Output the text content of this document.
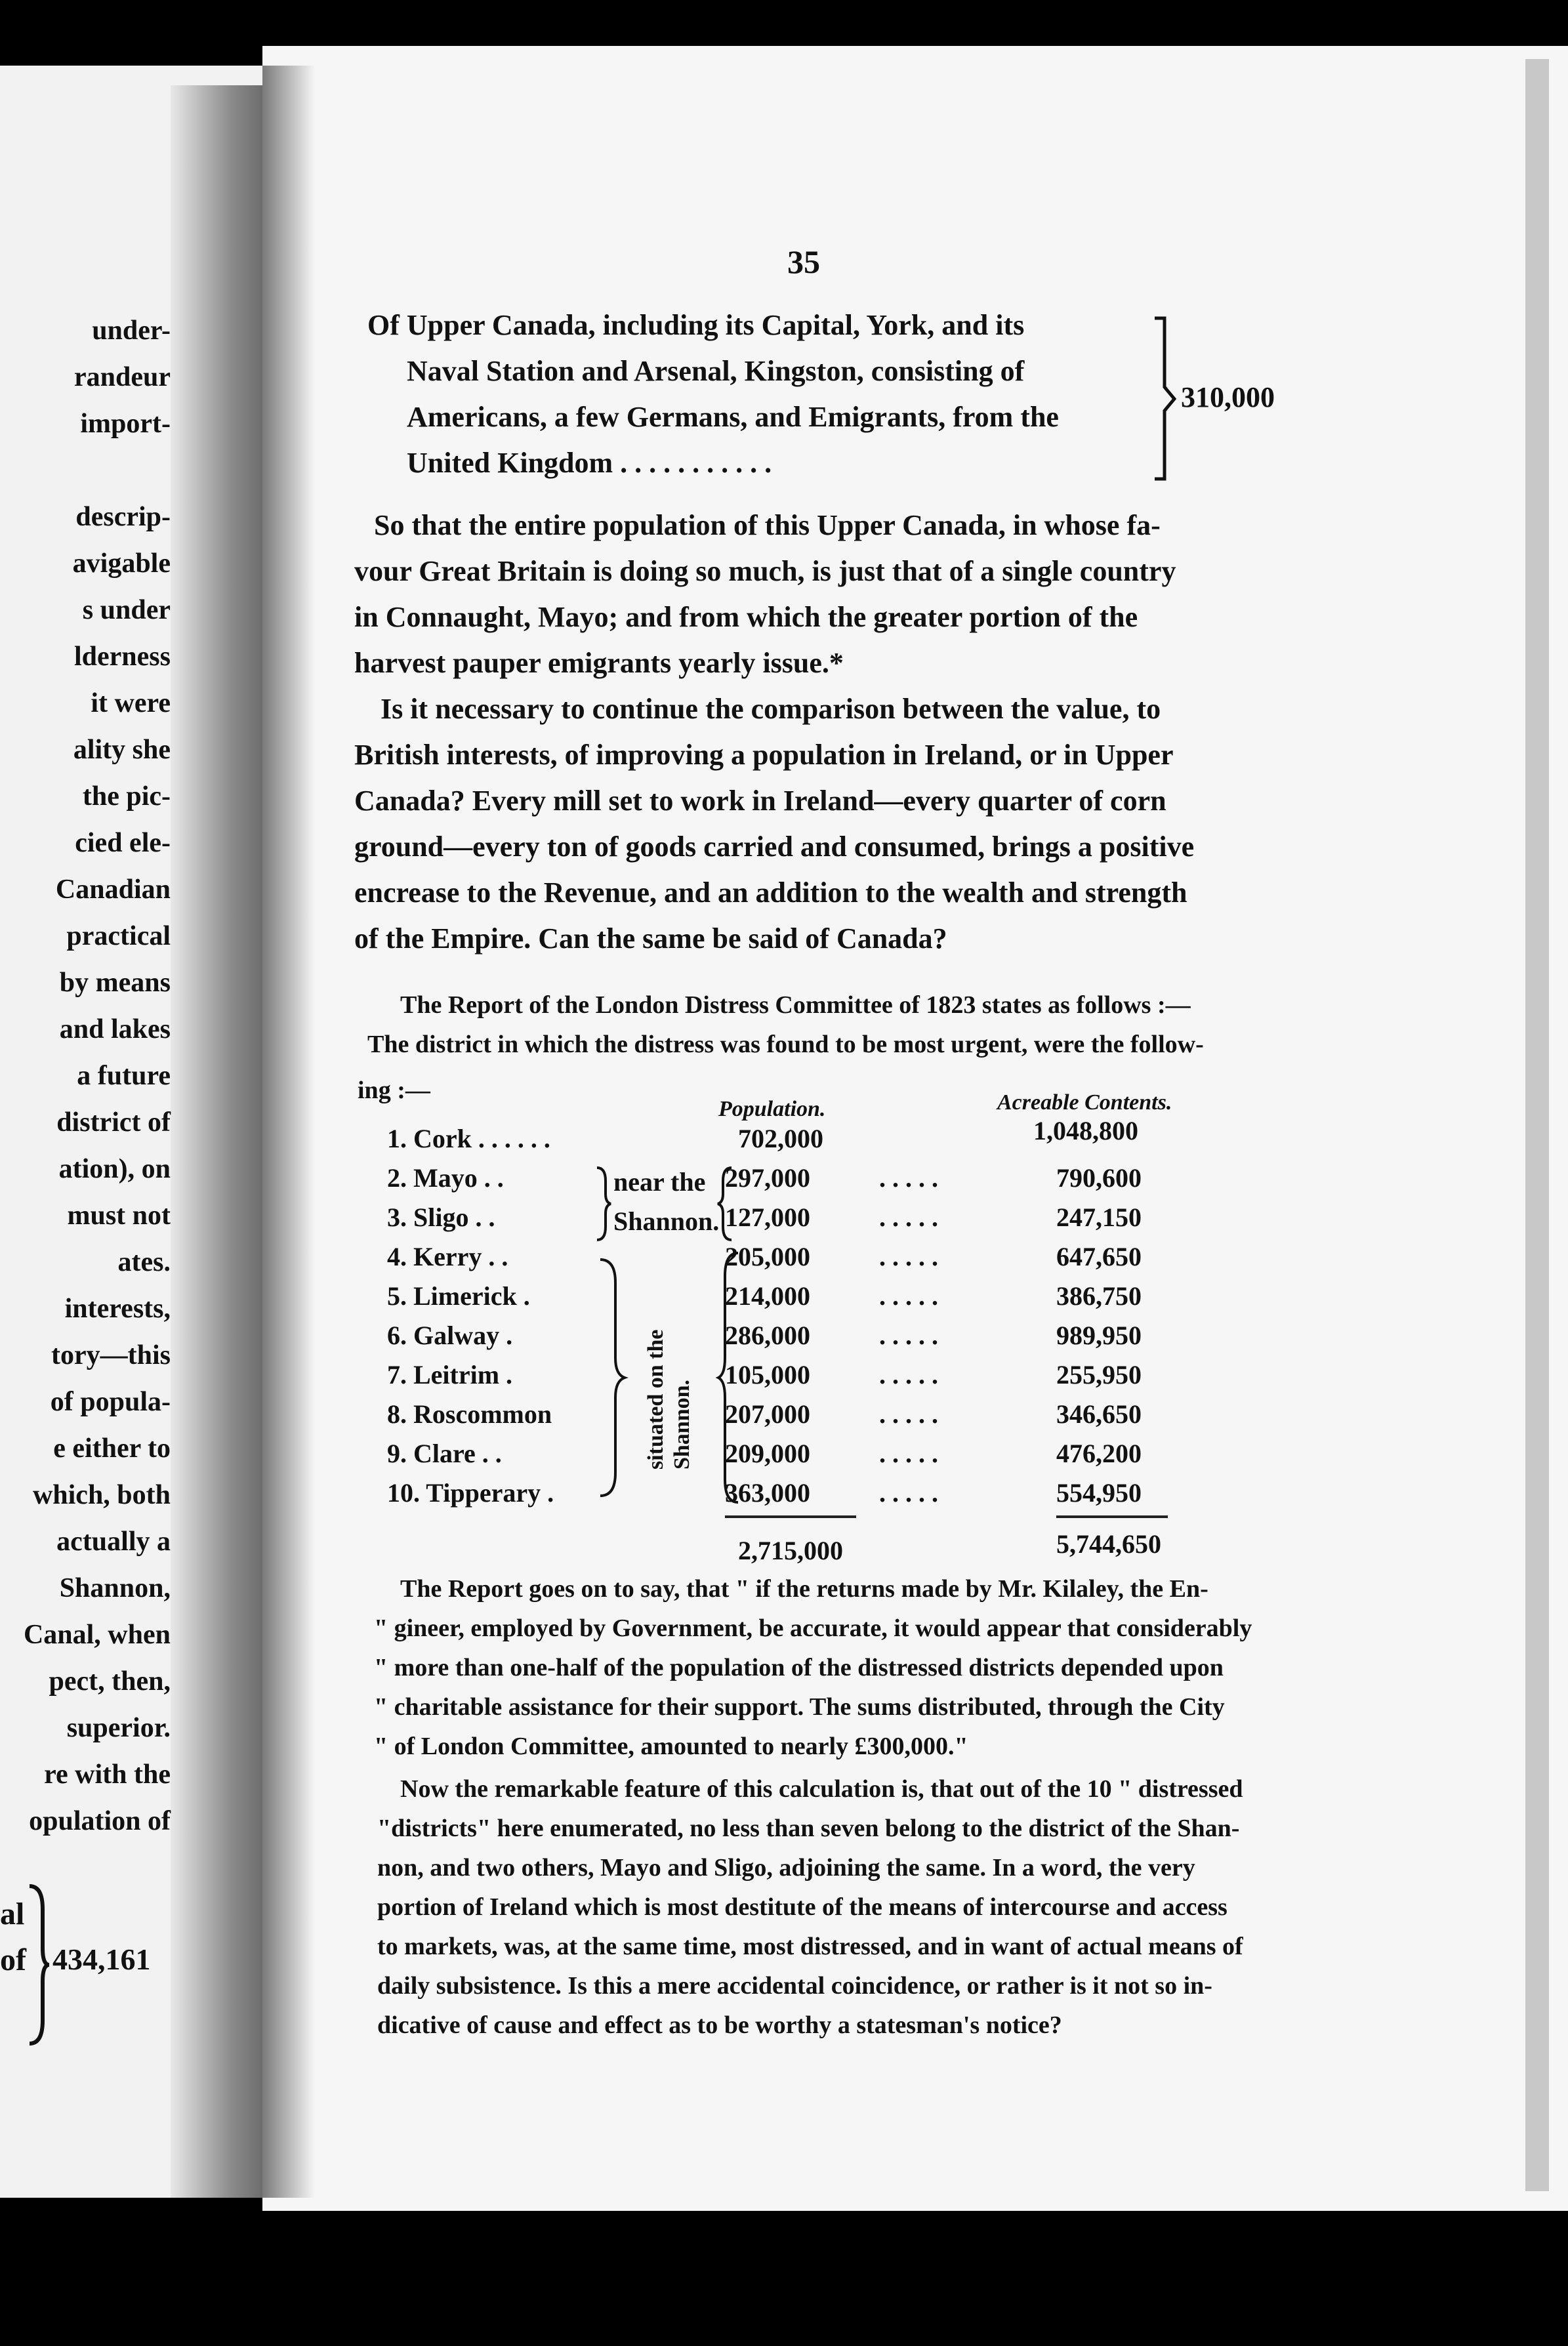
under-
randeur
import-
descrip-
avigable
s under
lderness
it were
ality she
the pic-
cied ele-
Canadian
practical
by means
and lakes
a future
district of
ation), on
must not
ates.
interests,
tory—this
of popula-
e either to
which, both
actually a
Shannon,
Canal, when
pect, then,
superior.
re with the
opulation of
al
of 434,161
35
Of Upper Canada, including its Capital, York, and its
Naval Station and Arsenal, Kingston, consisting of
Americans, a few Germans, and Emigrants, from the
United Kingdom . . . . . . . . . . .
310,000
So that the entire population of this Upper Canada, in whose fa-
vour Great Britain is doing so much, is just that of a single country
in Connaught, Mayo; and from which the greater portion of the
harvest pauper emigrants yearly issue.*
Is it necessary to continue the comparison between the value, to
British interests, of improving a population in Ireland, or in Upper
Canada? Every mill set to work in Ireland—every quarter of corn
ground—every ton of goods carried and consumed, brings a positive
encrease to the Revenue, and an addition to the wealth and strength
of the Empire. Can the same be said of Canada?
The Report of the London Distress Committee of 1823 states as follows :—
The district in which the distress was found to be most urgent, were the follow-
ing :—
Population.	Acreable Contents.
1. Cork . . . . . .	702,000	1,048,800
2. Mayo . .	297,000	. . . . .	790,600
3. Sligo . .	127,000	. . . . .	247,150
4. Kerry . .	205,000	. . . . .	647,650
5. Limerick .	214,000	. . . . .	386,750
6. Galway .	286,000	. . . . .	989,950
7. Leitrim .	105,000	. . . . .	255,950
8. Roscommon	207,000	. . . . .	346,650
9. Clare . .	209,000	. . . . .	476,200
10. Tipperary .	363,000	. . . . .	554,950
near the
Shannon.
situated on the
Shannon.
2,715,000	5,744,650
The Report goes on to say, that " if the returns made by Mr. Kilaley, the En-
" gineer, employed by Government, be accurate, it would appear that considerably
" more than one-half of the population of the distressed districts depended upon
" charitable assistance for their support. The sums distributed, through the City
" of London Committee, amounted to nearly £300,000."
Now the remarkable feature of this calculation is, that out of the 10 " distressed
"districts" here enumerated, no less than seven belong to the district of the Shan-
non, and two others, Mayo and Sligo, adjoining the same. In a word, the very
portion of Ireland which is most destitute of the means of intercourse and access
to markets, was, at the same time, most distressed, and in want of actual means of
daily subsistence. Is this a mere accidental coincidence, or rather is it not so in-
dicative of cause and effect as to be worthy a statesman's notice?
